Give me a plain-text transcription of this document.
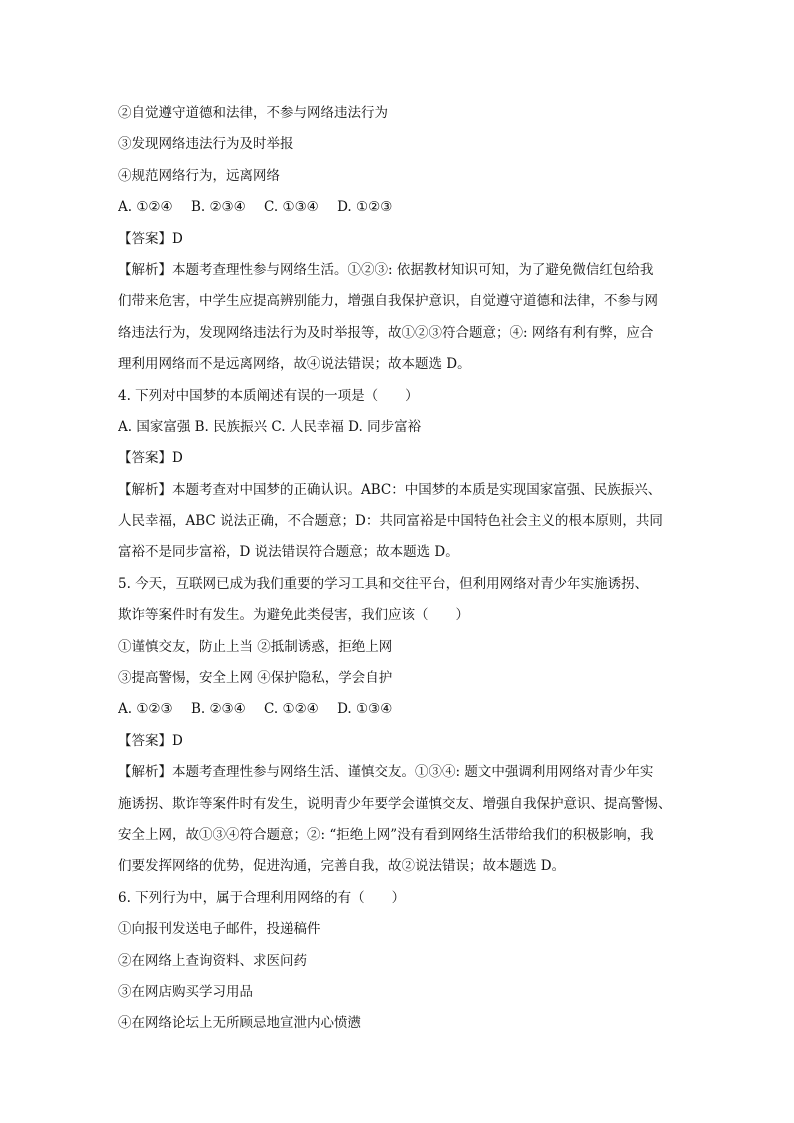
②自觉遵守道德和法律，不参与网络违法行为
③发现网络违法行为及时举报
④规范网络行为，远离网络
A. ①②④ B. ②③④ C. ①③④ D. ①②③
【答案】D
【解析】本题考查理性参与网络生活。①②③: 依据教材知识可知，为了避免微信红包给我
们带来危害，中学生应提高辨别能力，增强自我保护意识，自觉遵守道德和法律，不参与网
络违法行为，发现网络违法行为及时举报等，故①②③符合题意；④: 网络有利有弊，应合
理利用网络而不是远离网络，故④说法错误；故本题选 D。
4. 下列对中国梦的本质阐述有误的一项是（　　）
A. 国家富强 B. 民族振兴 C. 人民幸福 D. 同步富裕
【答案】D
【解析】本题考查对中国梦的正确认识。ABC：中国梦的本质是实现国家富强、民族振兴、
人民幸福，ABC 说法正确，不合题意；D：共同富裕是中国特色社会主义的根本原则，共同
富裕不是同步富裕，D 说法错误符合题意；故本题选 D。
5. 今天，互联网已成为我们重要的学习工具和交往平台，但利用网络对青少年实施诱拐、
欺诈等案件时有发生。为避免此类侵害，我们应该（　　）
①谨慎交友，防止上当 ②抵制诱惑，拒绝上网
③提高警惕，安全上网 ④保护隐私，学会自护
A. ①②③ B. ②③④ C. ①②④ D. ①③④
【答案】D
【解析】本题考查理性参与网络生活、谨慎交友。①③④: 题文中强调利用网络对青少年实
施诱拐、欺诈等案件时有发生，说明青少年要学会谨慎交友、增强自我保护意识、提高警惕、
安全上网，故①③④符合题意；②: “拒绝上网”没有看到网络生活带给我们的积极影响，我
们要发挥网络的优势，促进沟通，完善自我，故②说法错误；故本题选 D。
6. 下列行为中，属于合理利用网络的有（　　）
①向报刊发送电子邮件，投递稿件
②在网络上查询资料、求医问药
③在网店购买学习用品
④在网络论坛上无所顾忌地宣泄内心愤懑
